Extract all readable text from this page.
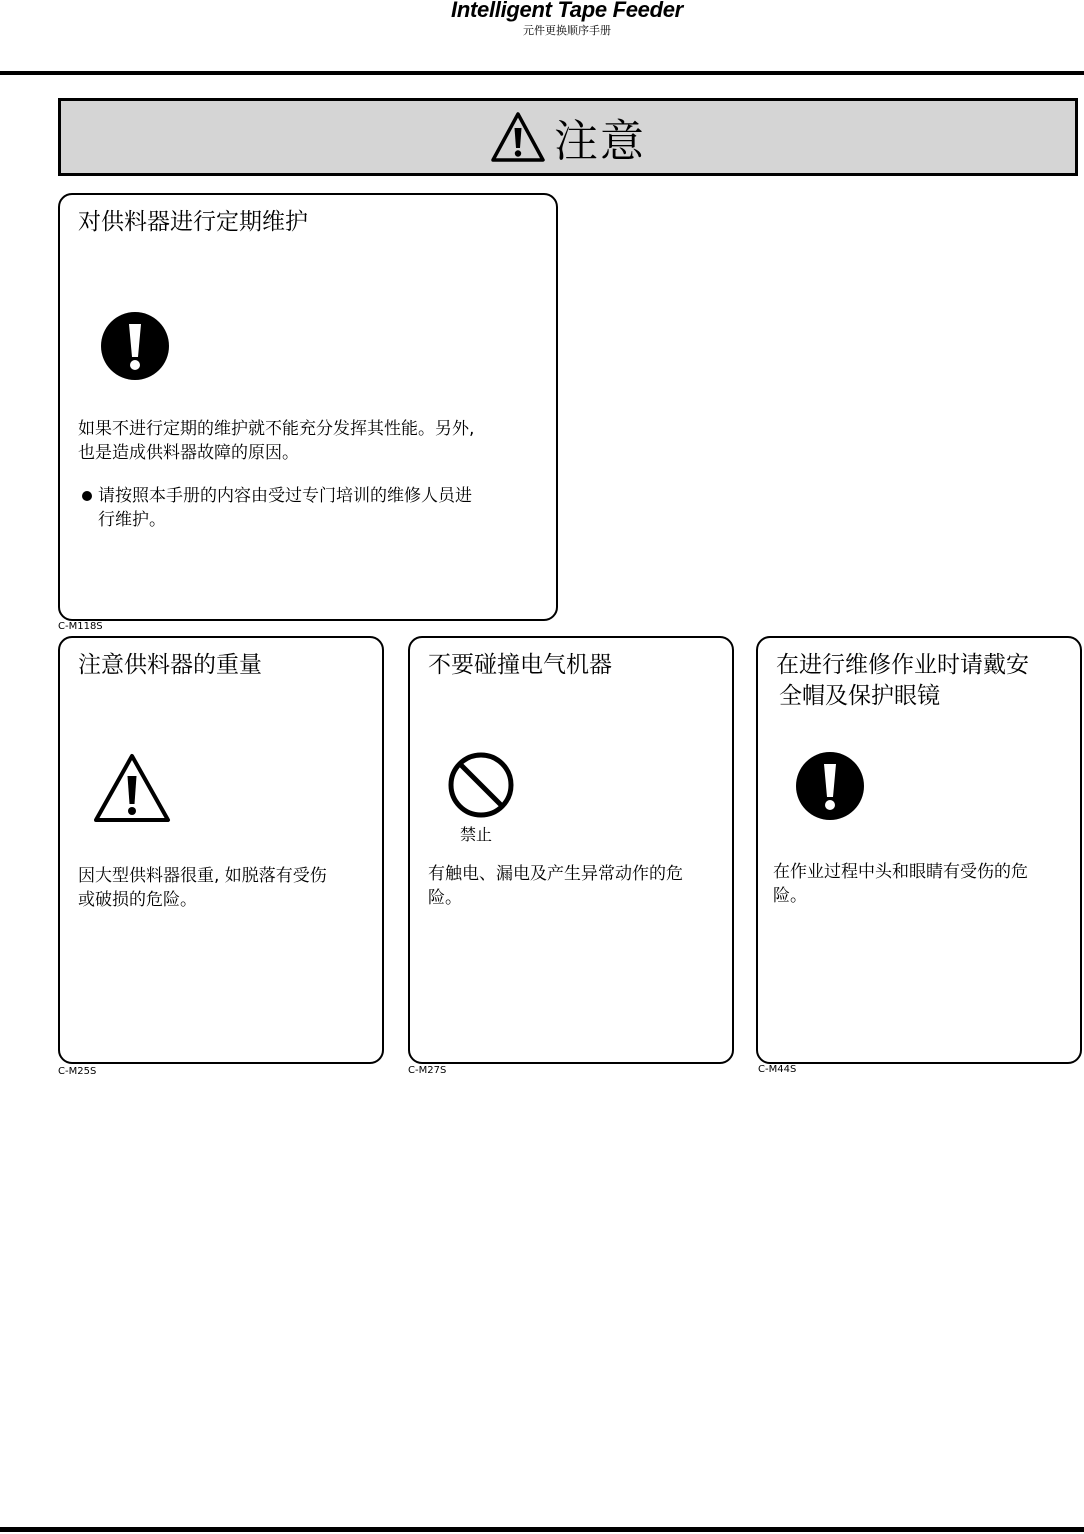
Intelligent Tape Feeder
元件更换顺序手册
注意
对供料器进行定期维护
如果不进行定期的维护就不能充分发挥其性能。另外,
也是造成供料器故障的原因。
请按照本手册的内容由受过专门培训的维修人员进
行维护。
C-M118S
注意供料器的重量
因大型供料器很重, 如脱落有受伤
或破损的危险。
C-M25S
不要碰撞电气机器
禁止
有触电、漏电及产生异常动作的危
险。
C-M27S
在进行维修作业时请戴安
全帽及保护眼镜
在作业过程中头和眼睛有受伤的危
险。
C-M44S
